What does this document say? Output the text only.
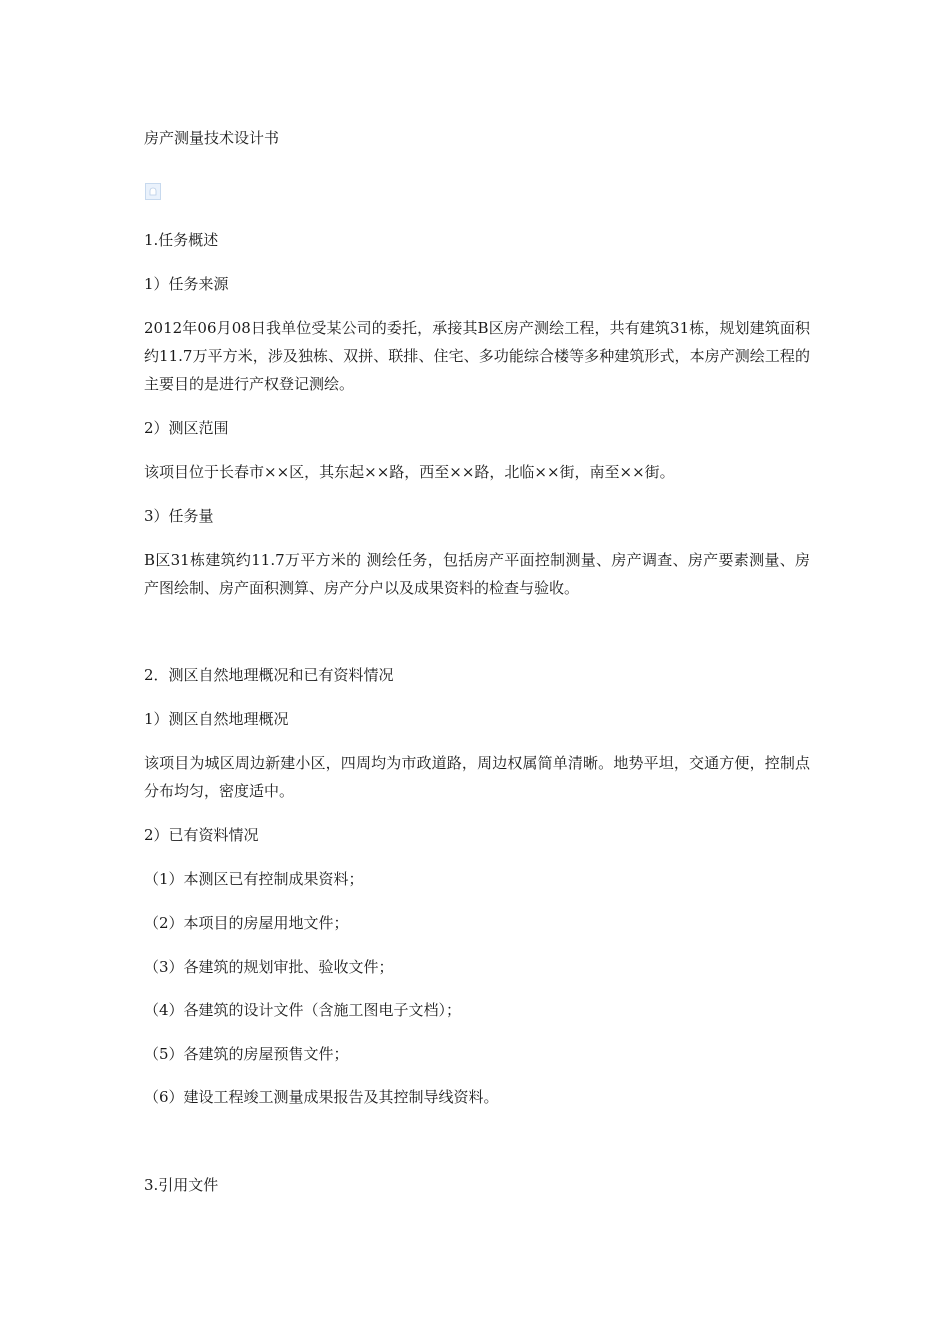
房产测量技术设计书
1.任务概述
1）任务来源
2012年06月08日我单位受某公司的委托，承接其B区房产测绘工程，共有建筑31栋，规划建筑面积约11.7万平方米，涉及独栋、双拼、联排、住宅、多功能综合楼等多种建筑形式，本房产测绘工程的主要目的是进行产权登记测绘。
2）测区范围
该项目位于长春市××区，其东起××路，西至××路，北临××街，南至××街。
3）任务量
B区31栋建筑约11.7万平方米的 测绘任务，包括房产平面控制测量、房产调查、房产要素测量、房产图绘制、房产面积测算、房产分户以及成果资料的检查与验收。
2．测区自然地理概况和已有资料情况
1）测区自然地理概况
该项目为城区周边新建小区，四周均为市政道路，周边权属简单清晰。地势平坦，交通方便，控制点分布均匀，密度适中。
2）已有资料情况
（1）本测区已有控制成果资料；
（2）本项目的房屋用地文件；
（3）各建筑的规划审批、验收文件；
（4）各建筑的设计文件（含施工图电子文档）；
（5）各建筑的房屋预售文件；
（6）建设工程竣工测量成果报告及其控制导线资料。
3.引用文件
